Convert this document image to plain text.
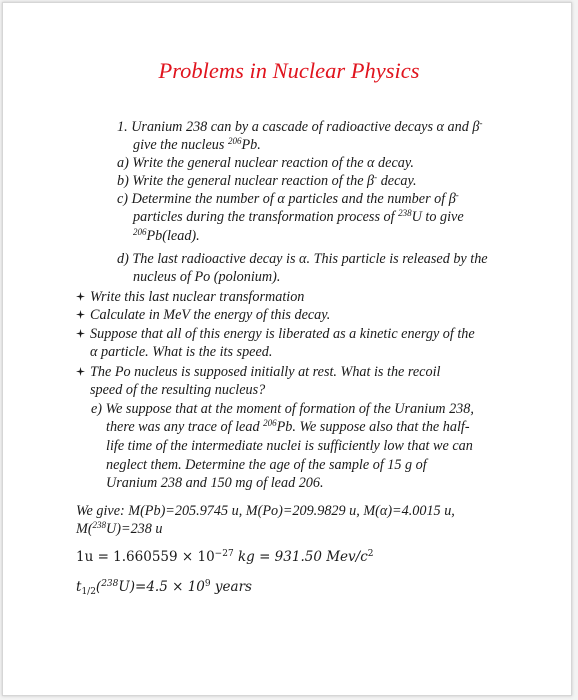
Problems in Nuclear Physics
1. Uranium 238 can by a cascade of radioactive decays α and β-
give the nucleus $^{206}$Pb.
a) Write the general nuclear reaction of the α decay.
b) Write the general nuclear reaction of the β- decay.
c) Determine the number of α particles and the number of β-
particles during the transformation process of $^{238}$U to give
$^{206}$Pb(lead).
d) The last radioactive decay is α. This particle is released by the
nucleus of Po (polonium).
Write this last nuclear transformation
Calculate in MeV the energy of this decay.
Suppose that all of this energy is liberated as a kinetic energy of the
α particle. What is the its speed.
The Po nucleus is supposed initially at rest. What is the recoil
speed of the resulting nucleus?
e) We suppose that at the moment of formation of the Uranium 238,
there was any trace of lead $^{206}$Pb. We suppose also that the half-
life time of the intermediate nuclei is sufficiently low that we can
neglect them. Determine the age of the sample of 15 g of
Uranium 238 and 150 mg of lead 206.
We give: M(Pb)=205.9745 u, M(Po)=209.9829 u, M(α)=4.0015 u,
M($^{238}$U)=238 u
$1u = 1.660559 \times 10^{-27}$ kg = 931.50 Mev/$c^2$
$t_{1/2}(^{238}U)=4.5 \times 10^9$ years
